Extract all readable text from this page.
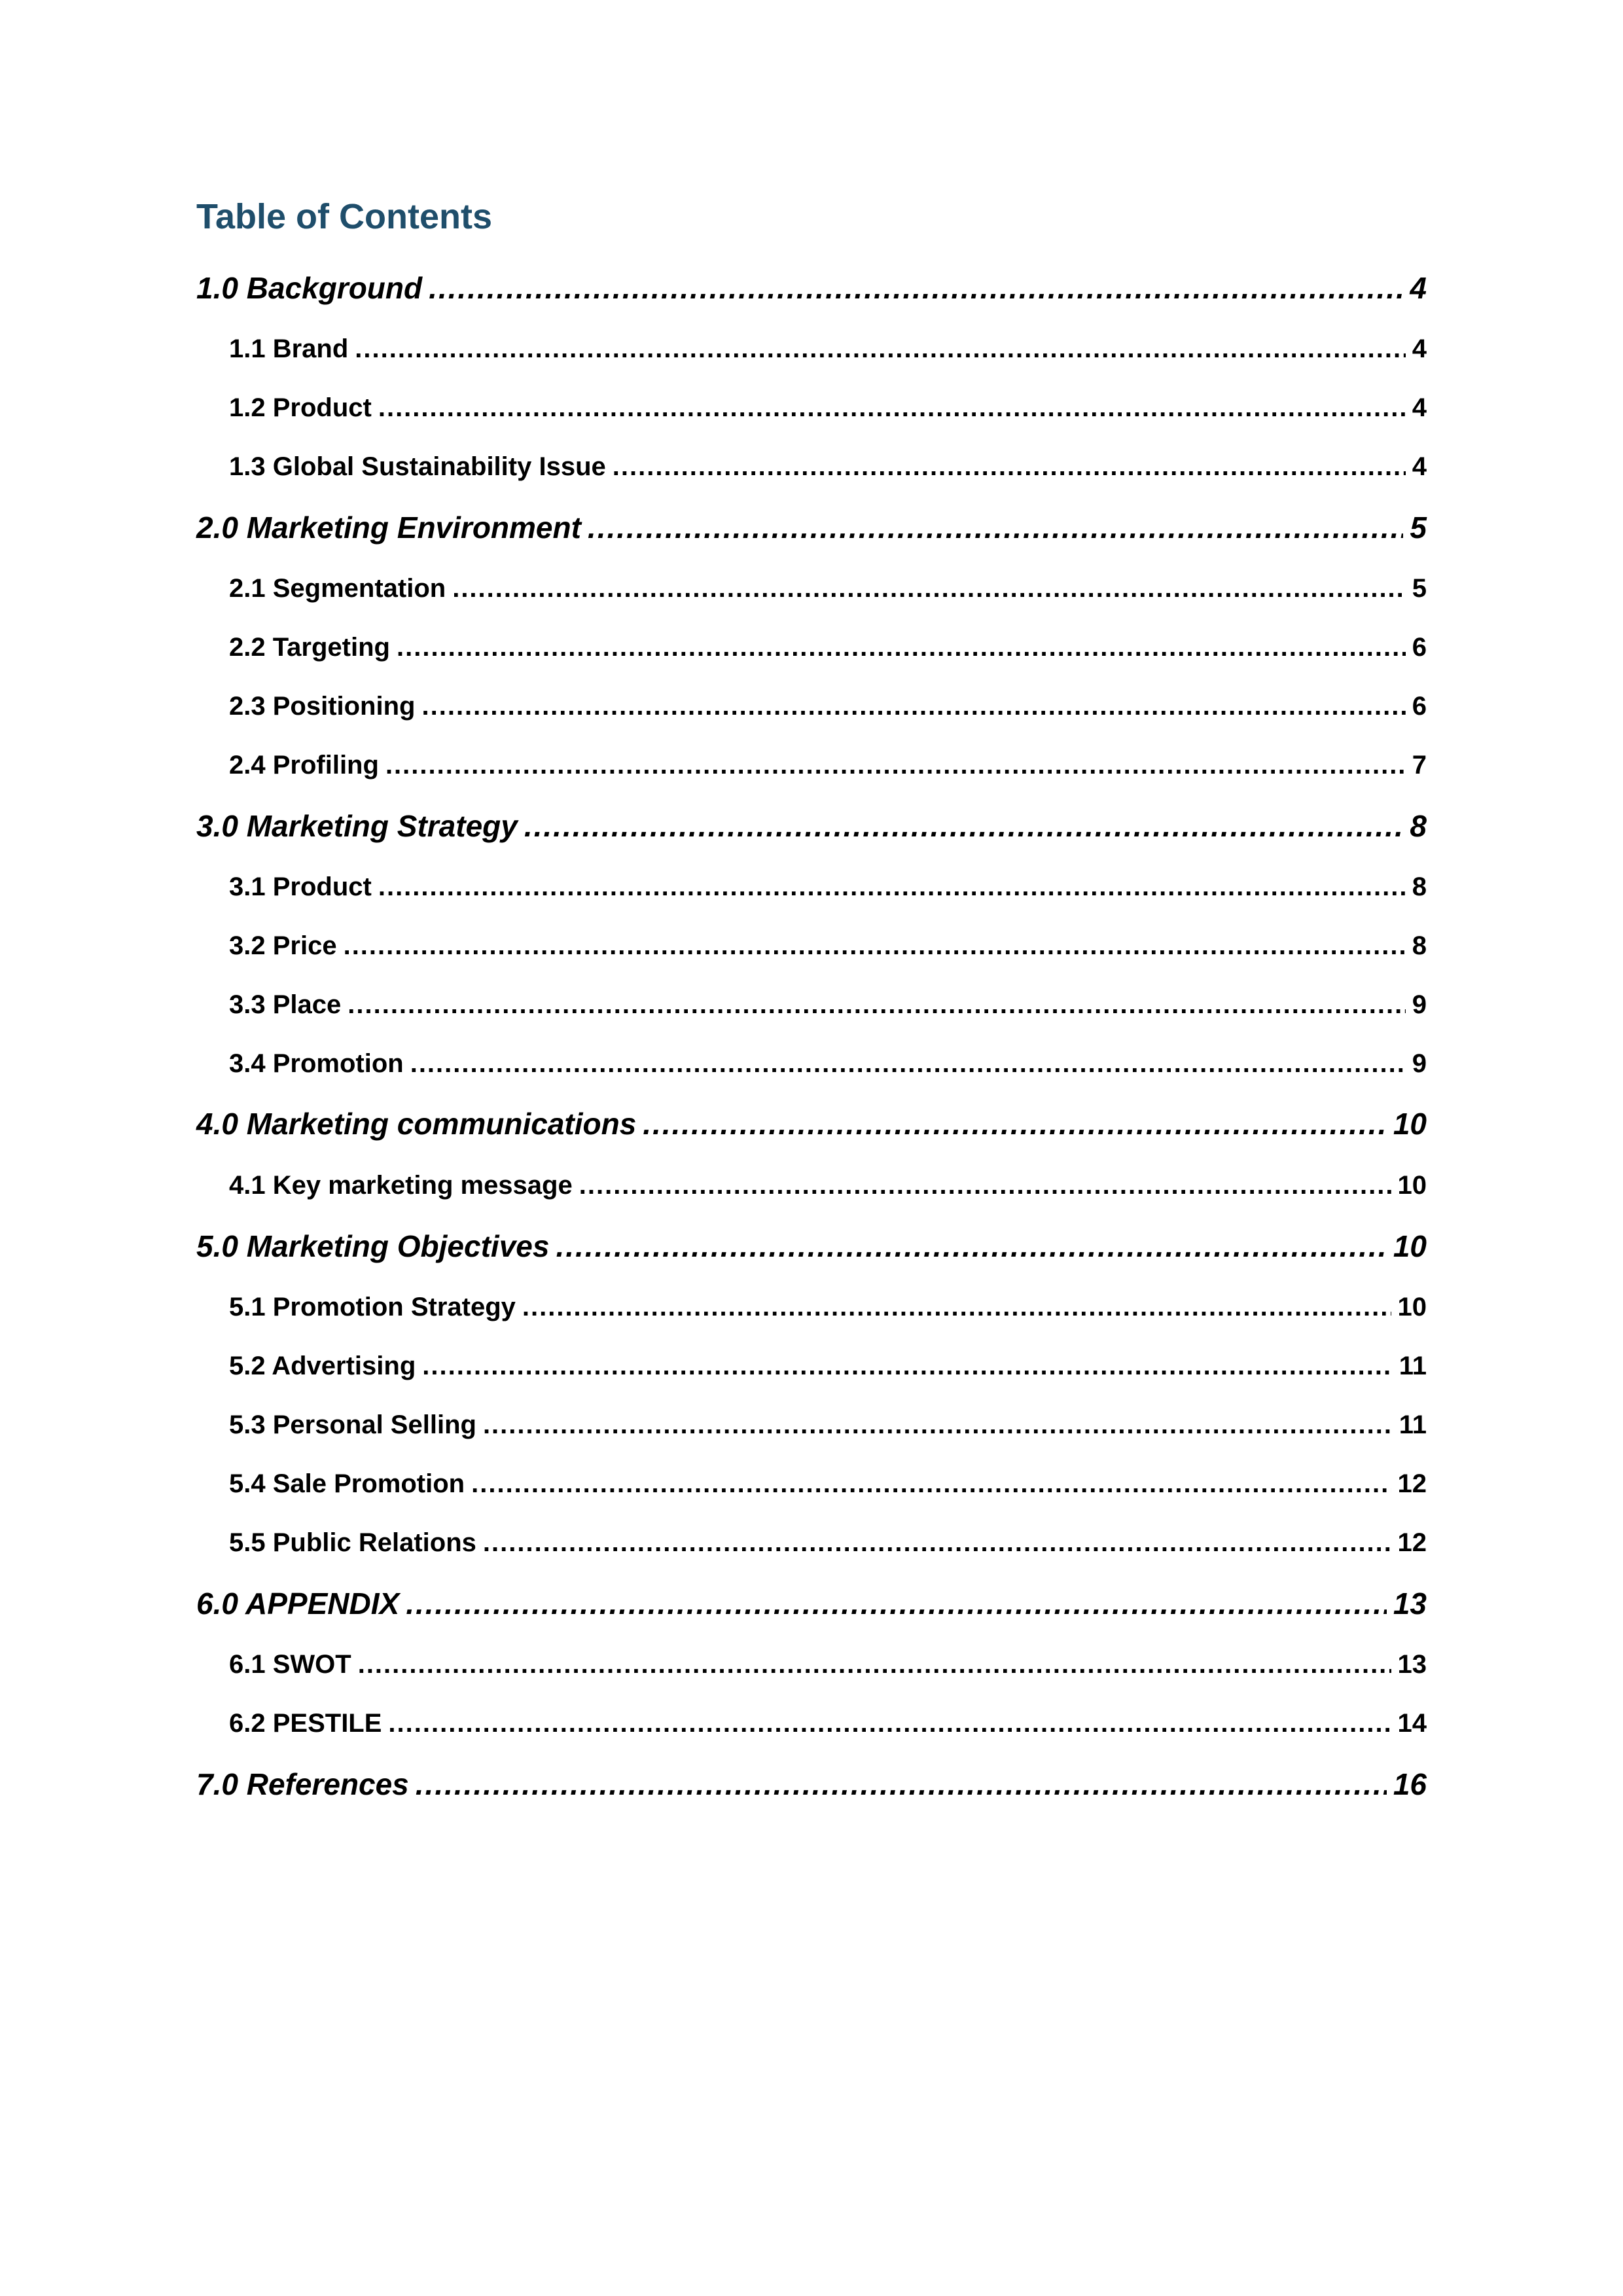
Table of Contents
1.0 Background .....	4
1.1 Brand .....	4
1.2 Product .....	4
1.3 Global Sustainability Issue .....	4
2.0 Marketing Environment .....	5
2.1 Segmentation .....	5
2.2 Targeting .....	6
2.3 Positioning .....	6
2.4 Profiling .....	7
3.0 Marketing Strategy .....	8
3.1 Product .....	8
3.2 Price .....	8
3.3 Place .....	9
3.4 Promotion .....	9
4.0 Marketing communications .....	10
4.1 Key marketing message .....	10
5.0 Marketing Objectives .....	10
5.1 Promotion Strategy .....	10
5.2 Advertising .....	11
5.3 Personal Selling .....	11
5.4 Sale Promotion .....	12
5.5 Public Relations .....	12
6.0 APPENDIX .....	13
6.1 SWOT .....	13
6.2 PESTILE .....	14
7.0 References .....	16
